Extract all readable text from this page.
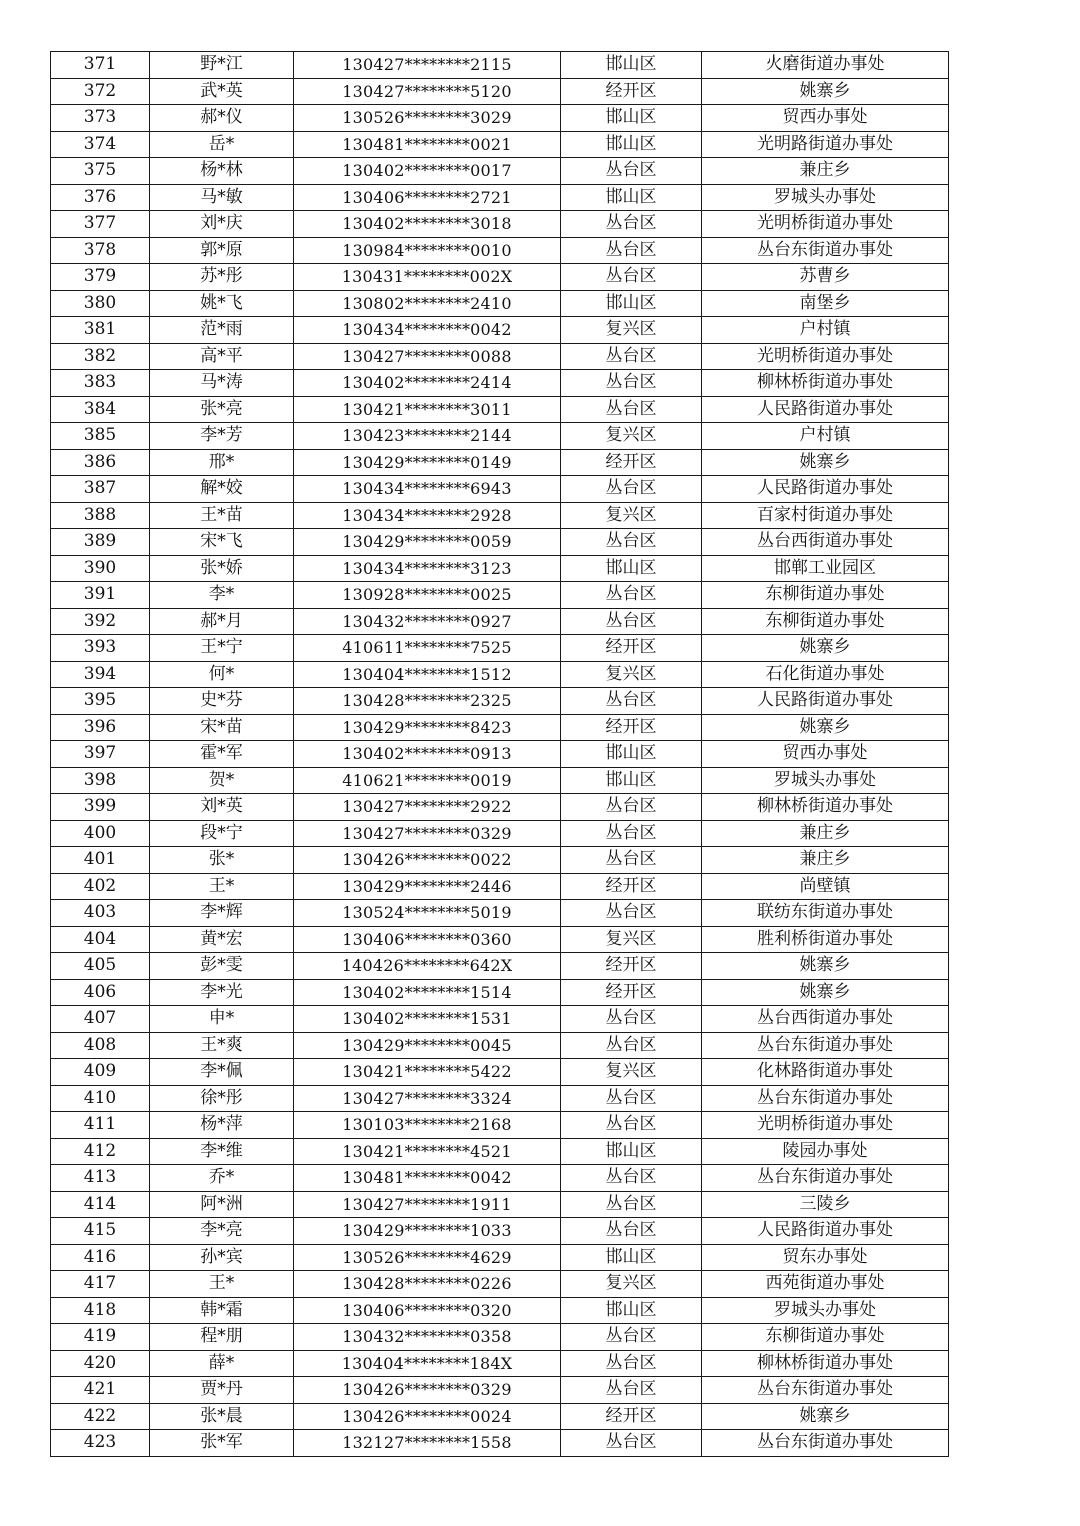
371	野*江	130427********2115	邯山区	火磨街道办事处
372	武*英	130427********5120	经开区	姚寨乡
373	郝*仪	130526********3029	邯山区	贸西办事处
374	岳*	130481********0021	邯山区	光明路街道办事处
375	杨*林	130402********0017	丛台区	兼庄乡
376	马*敏	130406********2721	邯山区	罗城头办事处
377	刘*庆	130402********3018	丛台区	光明桥街道办事处
378	郭*原	130984********0010	丛台区	丛台东街道办事处
379	苏*彤	130431********002X	丛台区	苏曹乡
380	姚*飞	130802********2410	邯山区	南堡乡
381	范*雨	130434********0042	复兴区	户村镇
382	高*平	130427********0088	丛台区	光明桥街道办事处
383	马*涛	130402********2414	丛台区	柳林桥街道办事处
384	张*亮	130421********3011	丛台区	人民路街道办事处
385	李*芳	130423********2144	复兴区	户村镇
386	邢*	130429********0149	经开区	姚寨乡
387	解*姣	130434********6943	丛台区	人民路街道办事处
388	王*苗	130434********2928	复兴区	百家村街道办事处
389	宋*飞	130429********0059	丛台区	丛台西街道办事处
390	张*娇	130434********3123	邯山区	邯郸工业园区
391	李*	130928********0025	丛台区	东柳街道办事处
392	郝*月	130432********0927	丛台区	东柳街道办事处
393	王*宁	410611********7525	经开区	姚寨乡
394	何*	130404********1512	复兴区	石化街道办事处
395	史*芬	130428********2325	丛台区	人民路街道办事处
396	宋*苗	130429********8423	经开区	姚寨乡
397	霍*军	130402********0913	邯山区	贸西办事处
398	贺*	410621********0019	邯山区	罗城头办事处
399	刘*英	130427********2922	丛台区	柳林桥街道办事处
400	段*宁	130427********0329	丛台区	兼庄乡
401	张*	130426********0022	丛台区	兼庄乡
402	王*	130429********2446	经开区	尚壁镇
403	李*辉	130524********5019	丛台区	联纺东街道办事处
404	黄*宏	130406********0360	复兴区	胜利桥街道办事处
405	彭*雯	140426********642X	经开区	姚寨乡
406	李*光	130402********1514	经开区	姚寨乡
407	申*	130402********1531	丛台区	丛台西街道办事处
408	王*爽	130429********0045	丛台区	丛台东街道办事处
409	李*佩	130421********5422	复兴区	化林路街道办事处
410	徐*彤	130427********3324	丛台区	丛台东街道办事处
411	杨*萍	130103********2168	丛台区	光明桥街道办事处
412	李*维	130421********4521	邯山区	陵园办事处
413	乔*	130481********0042	丛台区	丛台东街道办事处
414	阿*洲	130427********1911	丛台区	三陵乡
415	李*亮	130429********1033	丛台区	人民路街道办事处
416	孙*宾	130526********4629	邯山区	贸东办事处
417	王*	130428********0226	复兴区	西苑街道办事处
418	韩*霜	130406********0320	邯山区	罗城头办事处
419	程*朋	130432********0358	丛台区	东柳街道办事处
420	薛*	130404********184X	丛台区	柳林桥街道办事处
421	贾*丹	130426********0329	丛台区	丛台东街道办事处
422	张*晨	130426********0024	经开区	姚寨乡
423	张*军	132127********1558	丛台区	丛台东街道办事处
